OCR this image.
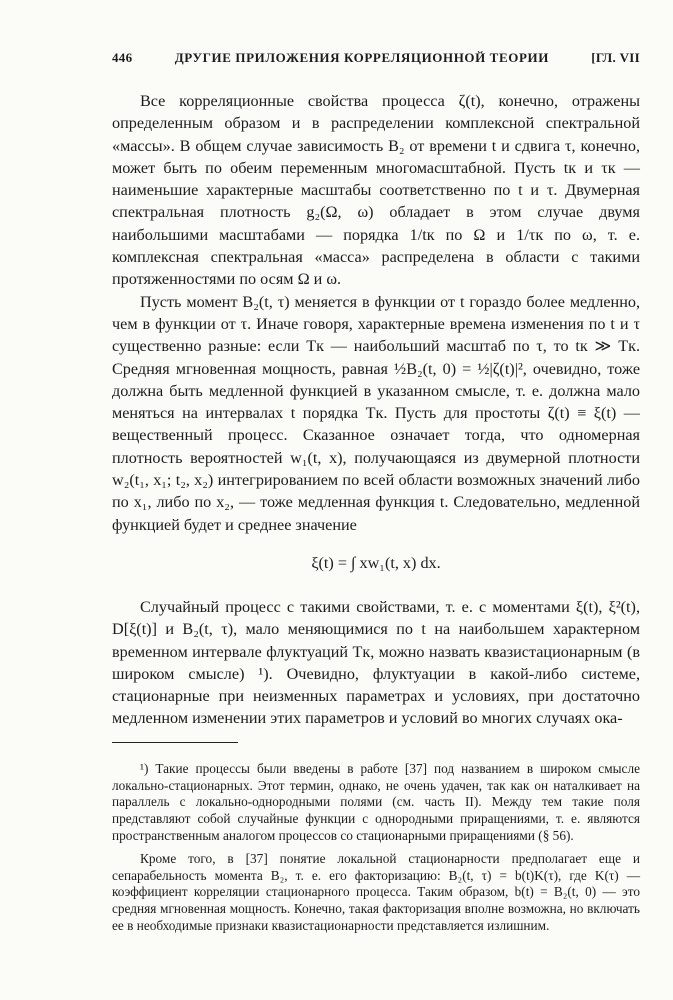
446	ДРУГИЕ ПРИЛОЖЕНИЯ КОРРЕЛЯЦИОННОЙ ТЕОРИИ	[ГЛ. VII

Все корреляционные свойства процесса ζ(t), конечно, отражены определенным образом и в распределении комплексной спектральной «массы». В общем случае зависимость B₂ от времени t и сдвига τ, конечно, может быть по обеим переменным многомасштабной. Пусть tк и τк — наименьшие характерные масштабы соответственно по t и τ. Двумерная спектральная плотность g₂(Ω, ω) обладает в этом случае двумя наибольшими масштабами — порядка 1/tк по Ω и 1/τк по ω, т. е. комплексная спектральная «масса» распределена в области с такими протяженностями по осям Ω и ω.

Пусть момент B₂(t, τ) меняется в функции от t гораздо более медленно, чем в функции от τ. Иначе говоря, характерные времена изменения по t и τ существенно разные: если Tк — наибольший масштаб по τ, то tк ≫ Tк. Средняя мгновенная мощность, равная ½B₂(t, 0) = ½|ζ(t)|², очевидно, тоже должна быть медленной функцией в указанном смысле, т. е. должна мало меняться на интервалах t порядка Tк. Пусть для простоты ζ(t) ≡ ξ(t) — вещественный процесс. Сказанное означает тогда, что одномерная плотность вероятностей w₁(t, x), получающаяся из двумерной плотности w₂(t₁, x₁; t₂, x₂) интегрированием по всей области возможных значений либо по x₁, либо по x₂, — тоже медленная функция t. Следовательно, медленной функцией будет и среднее значение

ξ(t) = ∫ xw₁(t, x) dx.

Случайный процесс с такими свойствами, т. е. с моментами ξ(t), ξ²(t), D[ξ(t)] и B₂(t, τ), мало меняющимися по t на наибольшем характерном временном интервале флуктуаций Tк, можно назвать квазистационарным (в широком смысле) ¹). Очевидно, флуктуации в какой-либо системе, стационарные при неизменных параметрах и условиях, при достаточно медленном изменении этих параметров и условий во многих случаях ока-

¹) Такие процессы были введены в работе [37] под названием в широком смысле локально-стационарных. Этот термин, однако, не очень удачен, так как он наталкивает на параллель с локально-однородными полями (см. часть II). Между тем такие поля представляют собой случайные функции с однородными приращениями, т. е. являются пространственным аналогом процессов со стационарными приращениями (§ 56).

Кроме того, в [37] понятие локальной стационарности предполагает еще и сепарабельность момента B₂, т. е. его факторизацию: B₂(t, τ) = b(t)K(τ), где K(τ) — коэффициент корреляции стационарного процесса. Таким образом, b(t) = B₂(t, 0) — это средняя мгновенная мощность. Конечно, такая факторизация вполне возможна, но включать ее в необходимые признаки квазистационарности представляется излишним.
